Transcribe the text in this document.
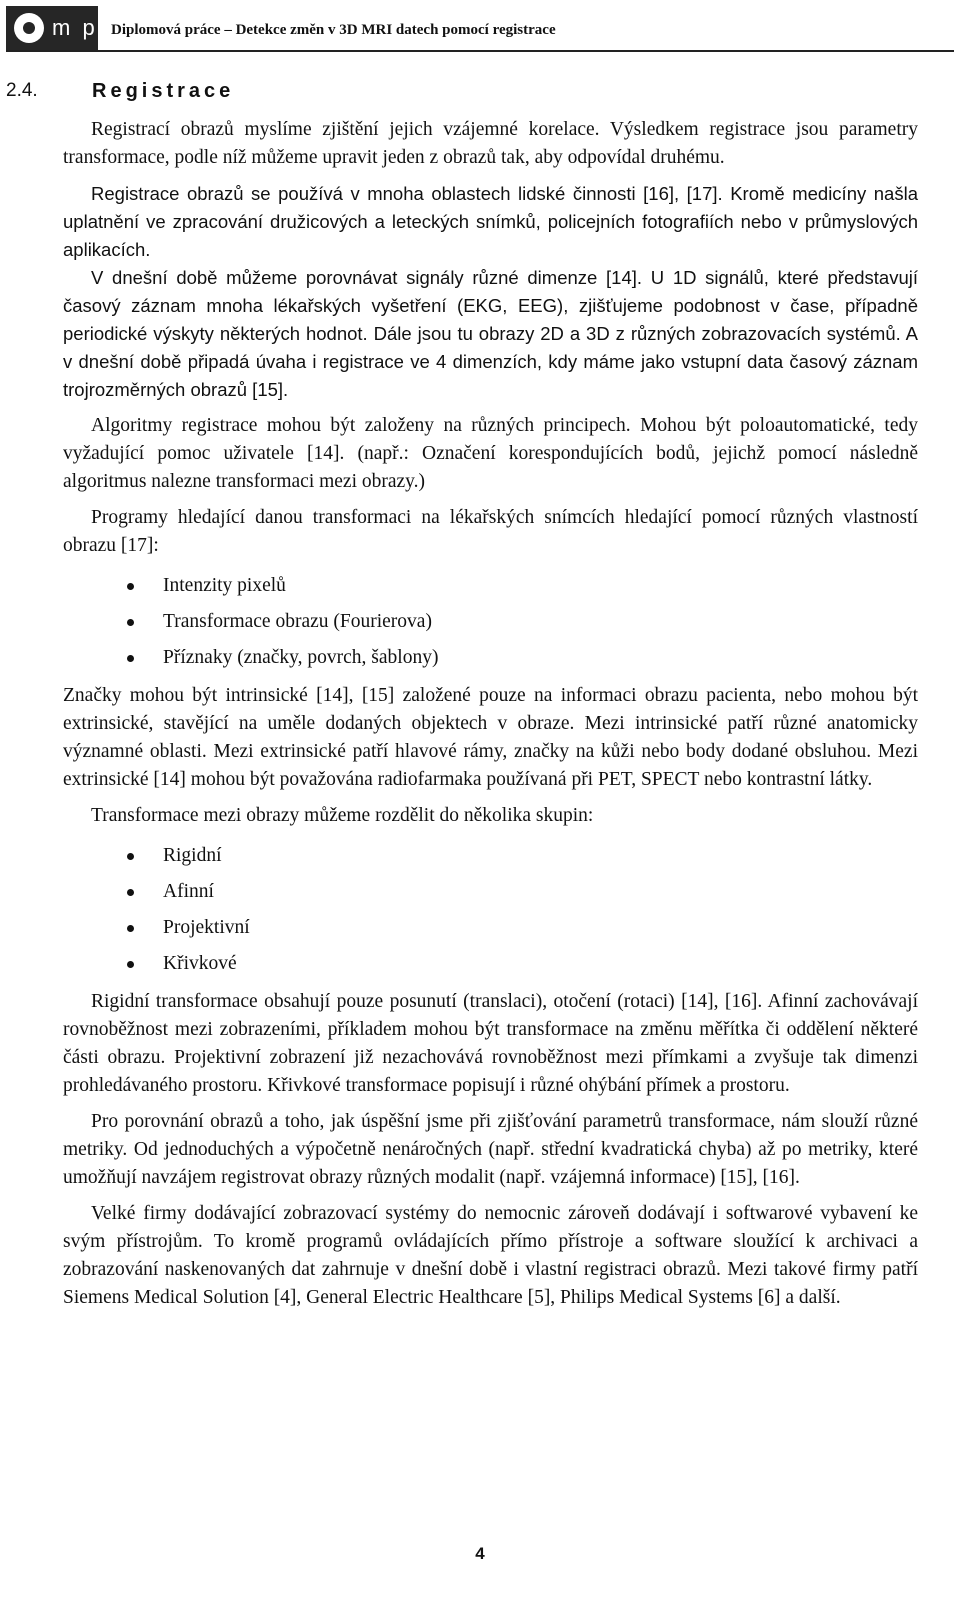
m p Diplomová práce – Detekce změn v 3D MRI datech pomocí registrace
2.4.	Registrace

Registrací obrazů myslíme zjištění jejich vzájemné korelace. Výsledkem registrace jsou parametry transformace, podle níž můžeme upravit jeden z obrazů tak, aby odpovídal druhému.

Registrace obrazů se používá v mnoha oblastech lidské činnosti [16], [17]. Kromě medicíny našla uplatnění ve zpracování družicových a leteckých snímků, policejních fotografiích nebo v průmyslových aplikacích.

V dnešní době můžeme porovnávat signály různé dimenze [14]. U 1D signálů, které představují časový záznam mnoha lékařských vyšetření (EKG, EEG), zjišťujeme podobnost v čase, případně periodické výskyty některých hodnot. Dále jsou tu obrazy 2D a 3D z různých zobrazovacích systémů. A v dnešní době připadá úvaha i registrace ve 4 dimenzích, kdy máme jako vstupní data časový záznam trojrozměrných obrazů [15].

Algoritmy registrace mohou být založeny na různých principech. Mohou být poloautomatické, tedy vyžadující pomoc uživatele [14]. (např.: Označení korespondujících bodů, jejichž pomocí následně algoritmus nalezne transformaci mezi obrazy.)

Programy hledající danou transformaci na lékařských snímcích hledající pomocí různých vlastností obrazu [17]:

Intenzity pixelů
Transformace obrazu (Fourierova)
Příznaky (značky, povrch, šablony)

Značky mohou být intrinsické [14], [15] založené pouze na informaci obrazu pacienta, nebo mohou být extrinsické, stavějící na uměle dodaných objektech v obraze. Mezi intrinsické patří různé anatomicky významné oblasti. Mezi extrinsické patří hlavové rámy, značky na kůži nebo body dodané obsluhou. Mezi extrinsické [14] mohou být považována radiofarmaka používaná při PET, SPECT nebo kontrastní látky.

Transformace mezi obrazy můžeme rozdělit do několika skupin:

Rigidní
Afinní
Projektivní
Křivkové

Rigidní transformace obsahují pouze posunutí (translaci), otočení (rotaci) [14], [16]. Afinní zachovávají rovnoběžnost mezi zobrazeními, příkladem mohou být transformace na změnu měřítka či oddělení některé části obrazu. Projektivní zobrazení již nezachovává rovnoběžnost mezi přímkami a zvyšuje tak dimenzi prohledávaného prostoru. Křivkové transformace popisují i různé ohýbání přímek a prostoru.

Pro porovnání obrazů a toho, jak úspěšní jsme při zjišťování parametrů transformace, nám slouží různé metriky. Od jednoduchých a výpočetně nenáročných (např. střední kvadratická chyba) až po metriky, které umožňují navzájem registrovat obrazy různých modalit (např. vzájemná informace) [15], [16].

Velké firmy dodávající zobrazovací systémy do nemocnic zároveň dodávají i softwarové vybavení ke svým přístrojům. To kromě programů ovládajících přímo přístroje a software sloužící k archivaci a zobrazování naskenovaných dat zahrnuje v dnešní době i vlastní registraci obrazů. Mezi takové firmy patří Siemens Medical Solution [4], General Electric Healthcare [5], Philips Medical Systems [6] a další.

4
